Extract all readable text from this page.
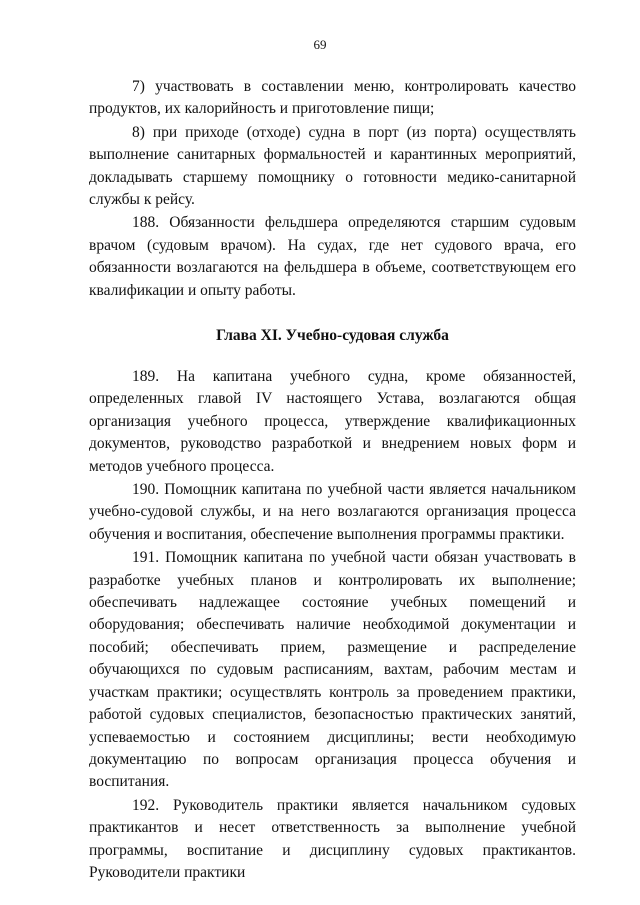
69

7) участвовать в составлении меню, контролировать качество продуктов, их калорийность и приготовление пищи;

8) при приходе (отходе) судна в порт (из порта) осуществлять выполнение санитарных формальностей и карантинных мероприятий, докладывать старшему помощнику о готовности медико-санитарной службы к рейсу.

188. Обязанности фельдшера определяются старшим судовым врачом (судовым врачом). На судах, где нет судового врача, его обязанности возлагаются на фельдшера в объеме, соответствующем его квалификации и опыту работы.

Глава XI. Учебно-судовая служба

189. На капитана учебного судна, кроме обязанностей, определенных главой IV настоящего Устава, возлагаются общая организация учебного процесса, утверждение квалификационных документов, руководство разработкой и внедрением новых форм и методов учебного процесса.

190. Помощник капитана по учебной части является начальником учебно-судовой службы, и на него возлагаются организация процесса обучения и воспитания, обеспечение выполнения программы практики.

191. Помощник капитана по учебной части обязан участвовать в разработке учебных планов и контролировать их выполнение; обеспечивать надлежащее состояние учебных помещений и оборудования; обеспечивать наличие необходимой документации и пособий; обеспечивать прием, размещение и распределение обучающихся по судовым расписаниям, вахтам, рабочим местам и участкам практики; осуществлять контроль за проведением практики, работой судовых специалистов, безопасностью практических занятий, успеваемостью и состоянием дисциплины; вести необходимую документацию по вопросам организация процесса обучения и воспитания.

192. Руководитель практики является начальником судовых практикантов и несет ответственность за выполнение учебной программы, воспитание и дисциплину судовых практикантов. Руководители практики
